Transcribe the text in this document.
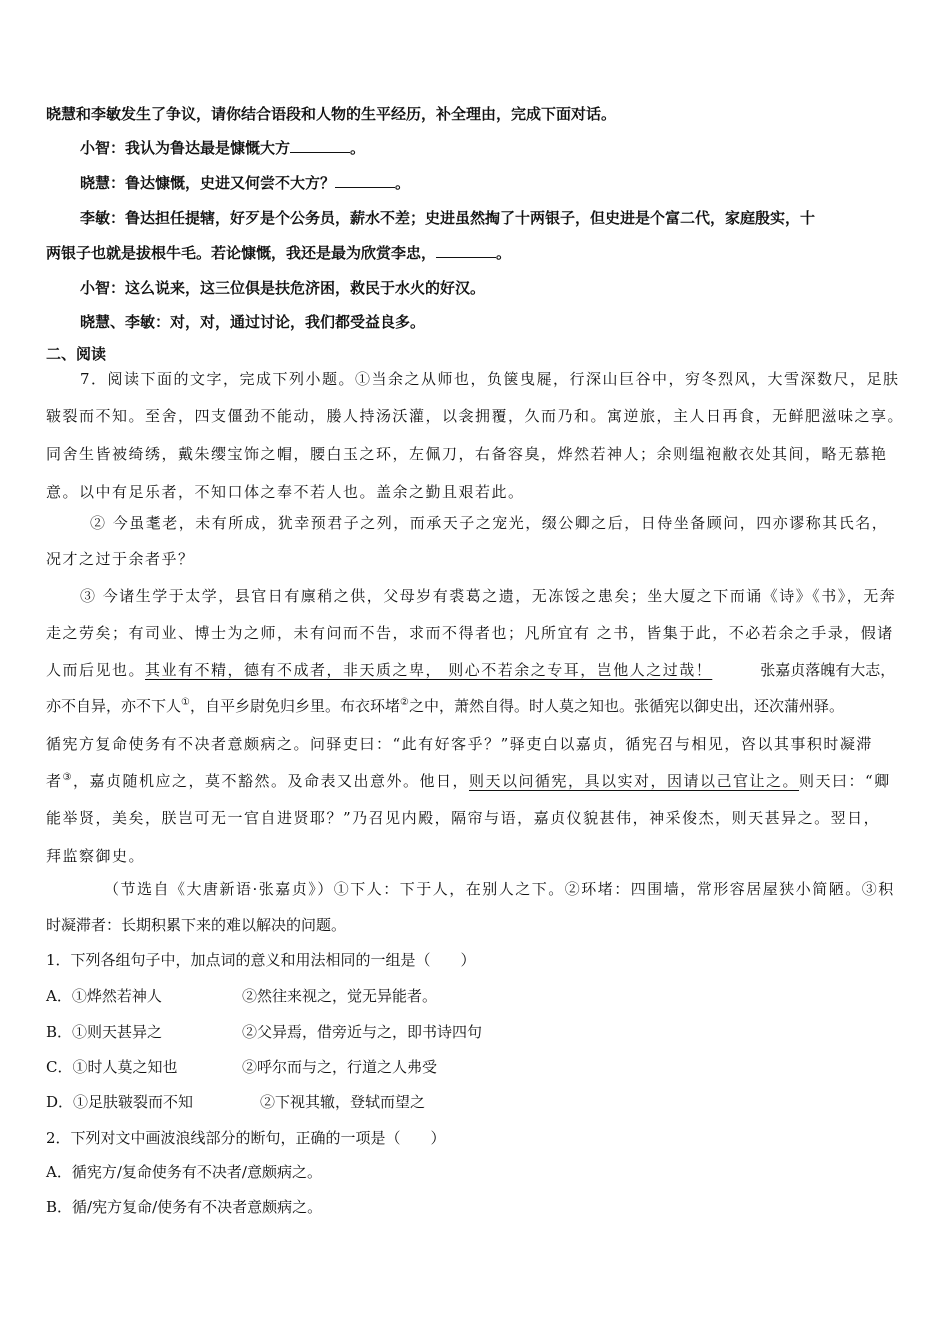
晓慧和李敏发生了争议，请你结合语段和人物的生平经历，补全理由，完成下面对话。
小智：我认为鲁达最是慷慨大方	。
晓慧：鲁达慷慨，史进又何尝不大方？	。
李敏：鲁达担任提辖，好歹是个公务员，薪水不差；史进虽然掏了十两银子，但史进是个富二代，家庭殷实，十
两银子也就是拔根牛毛。若论慷慨，我还是最为欣赏李忠，	。
小智：这么说来，这三位俱是扶危济困，救民于水火的好汉。
晓慧、李敏：对，对，通过讨论，我们都受益良多。
二、阅读
7．阅读下面的文字，完成下列小题。①当余之从师也，负箧曳屣，行深山巨谷中，穷冬烈风，大雪深数尺，足肤
皲裂而不知。至舍，四支僵劲不能动，媵人持汤沃灌，以衾拥覆，久而乃和。寓逆旅，主人日再食，无鲜肥滋味之享。
同舍生皆被绮绣，戴朱缨宝饰之帽，腰白玉之环，左佩刀，右备容臭，烨然若神人；余则缊袍敝衣处其间，略无慕艳
意。以中有足乐者，不知口体之奉不若人也。盖余之勤且艰若此。
② 今虽耄老，未有所成，犹幸预君子之列，而承天子之宠光，缀公卿之后，日侍坐备顾问，四亦谬称其氏名，
况才之过于余者乎？
③ 今诸生学于太学，县官日有廪稍之供，父母岁有裘葛之遗，无冻馁之患矣；坐大厦之下而诵《诗》《书》，无奔
走之劳矣；有司业、博士为之师，未有问而不告，求而不得者也；凡所宜有 之书，皆集于此，不必若余之手录，假诸
人而后见也。其业有不精，德有不成者，非天质之卑， 则心不若余之专耳，岂他人之过哉！	张嘉贞落魄有大志，
亦不自异，亦不下人①，自平乡尉免归乡里。布衣环堵②之中，萧然自得。时人莫之知也。张循宪以御史出，还次蒲州驿。
循宪方复命使务有不决者意颇病之。问驿吏曰：“此有好客乎？”驿吏白以嘉贞，循宪召与相见，咨以其事积时凝滞
者③，嘉贞随机应之，莫不豁然。及命表又出意外。他日，则天以问循宪，具以实对，因请以己官让之。则天曰：“卿
能举贤，美矣，朕岂可无一官自进贤耶？”乃召见内殿，隔帘与语，嘉贞仪貌甚伟，神采俊杰，则天甚异之。翌日，
拜监察御史。
（节选自《大唐新语·张嘉贞》）①下人：下于人，在别人之下。②环堵：四围墙，常形容居屋狭小简陋。③积
时凝滞者：长期积累下来的难以解决的问题。
1．下列各组句子中，加点词的意义和用法相同的一组是（　　）
A．①烨然若神人	②然往来视之，觉无异能者。
B．①则天甚异之	②父异焉，借旁近与之，即书诗四句
C．①时人莫之知也	②呼尔而与之，行道之人弗受
D．①足肤皲裂而不知	②下视其辙，登轼而望之
2．下列对文中画波浪线部分的断句，正确的一项是（　　）
A．循宪方/复命使务有不决者/意颇病之。
B．循/宪方复命/使务有不决者意颇病之。
